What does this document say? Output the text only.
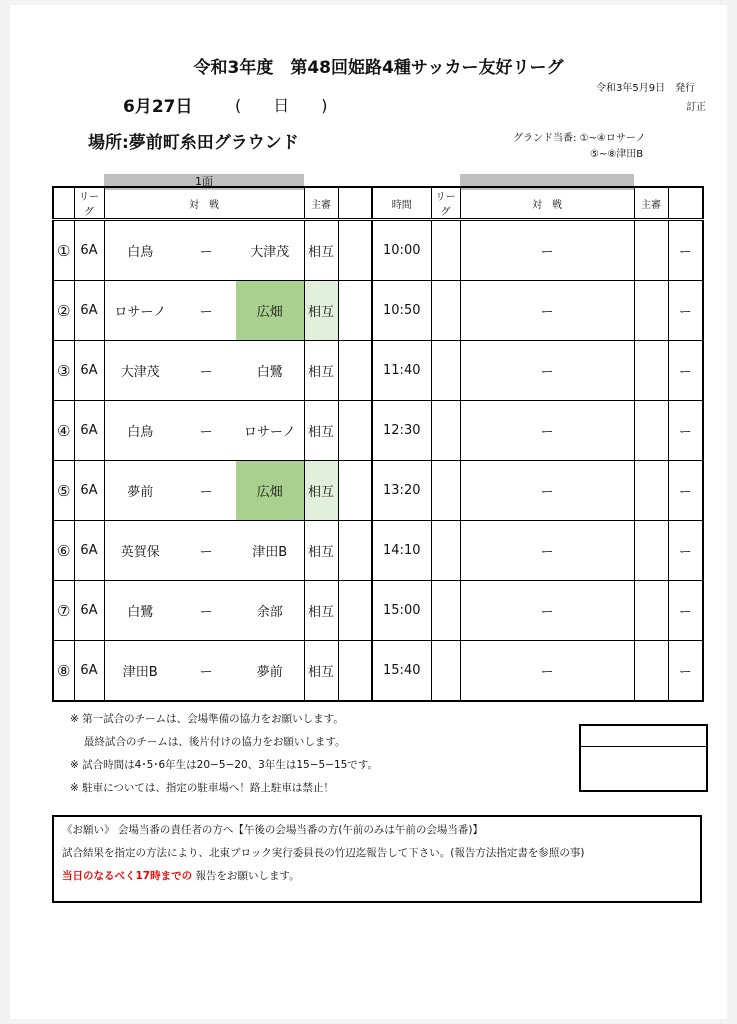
令和3年度　第48回姫路4種サッカー友好リーグ
6月27日	(　　日　　)
令和3年5月9日　発行
訂正
場所:夢前町糸田グラウンド	グランド当番: ①~④ロサーノ
⑤~⑧津田B
1面
	リーグ	対　戦			主審		時間	リーグ	対　戦	主審	
①	6A	白鳥	ー	大津茂	相互		10:00		ー		ー
②	6A	ロサーノ	ー	広畑	相互		10:50		ー		ー
③	6A	大津茂	ー	白鷺	相互		11:40		ー		ー
④	6A	白鳥	ー	ロサーノ	相互		12:30		ー		ー
⑤	6A	夢前	ー	広畑	相互		13:20		ー		ー
⑥	6A	英賀保	ー	津田B	相互		14:10		ー		ー
⑦	6A	白鷺	ー	余部	相互		15:00		ー		ー
⑧	6A	津田B	ー	夢前	相互		15:40		ー		ー
※ 第一試合のチームは、会場準備の協力をお願いします。
　 最終試合のチームは、後片付けの協力をお願いします。
※ 試合時間は4･5･6年生は20−5−20、3年生は15−5−15です。
※ 駐車については、指定の駐車場へ！路上駐車は禁止！
《お願い》 会場当番の責任者の方へ【午後の会場当番の方(午前のみは午前の会場当番)】
試合結果を指定の方法により、北東ブロック実行委員長の竹辺迄報告して下さい。(報告方法指定書を参照の事)
当日のなるべく17時までの 報告をお願いします。
